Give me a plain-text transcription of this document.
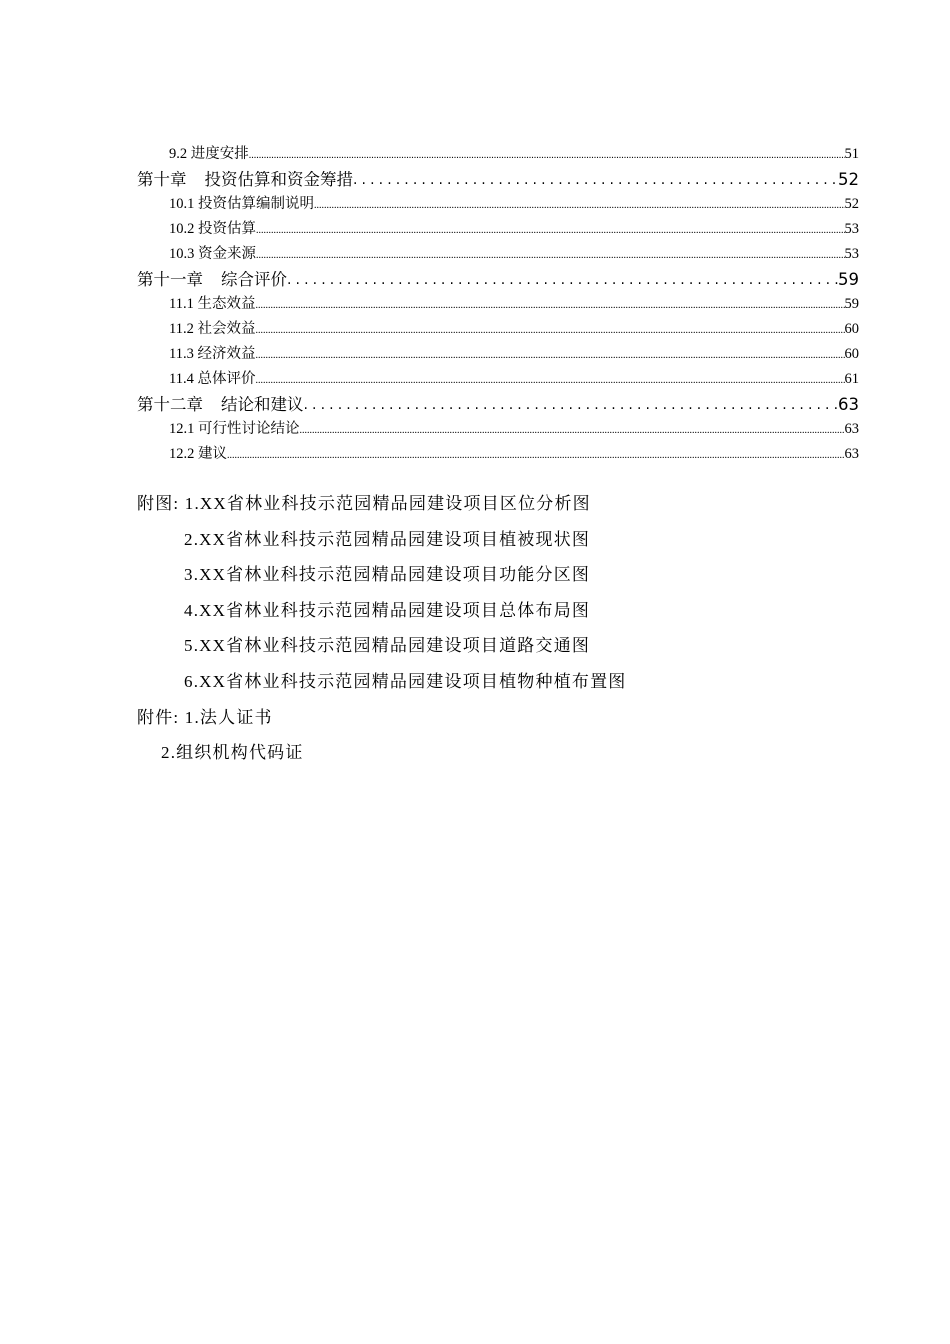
9.2 进度安排 .....	51
第十章 投资估算和资金筹措 .....	52
10.1 投资估算编制说明 .....	52
10.2 投资估算 .....	53
10.3 资金来源 .....	53
第十一章 综合评价 .....	59
11.1 生态效益 .....	59
11.2 社会效益 .....	60
11.3 经济效益 .....	60
11.4 总体评价 .....	61
第十二章 结论和建议 .....	63
12.1 可行性讨论结论 .....	63
12.2 建议 .....	63
附图: 1.XX省林业科技示范园精品园建设项目区位分析图
2.XX省林业科技示范园精品园建设项目植被现状图
3.XX省林业科技示范园精品园建设项目功能分区图
4.XX省林业科技示范园精品园建设项目总体布局图
5.XX省林业科技示范园精品园建设项目道路交通图
6.XX省林业科技示范园精品园建设项目植物种植布置图
附件: 1.法人证书
2.组织机构代码证
